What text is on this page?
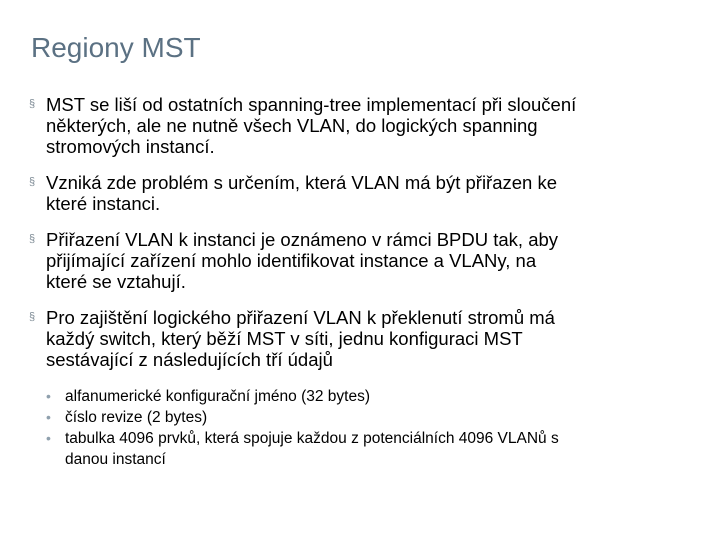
Regiony MST
§ MST se liší od ostatních spanning-tree implementací při sloučení
některých, ale ne nutně všech VLAN, do logických spanning
stromových instancí.
§ Vzniká zde problém s určením, která VLAN má být přiřazen ke
které instanci.
§ Přiřazení VLAN k instanci je oznámeno v rámci BPDU tak, aby
přijímající zařízení mohlo identifikovat instance a VLANy, na
které se vztahují.
§ Pro zajištění logického přiřazení VLAN k překlenutí stromů má
každý switch, který běží MST v síti, jednu konfiguraci MST
sestávající z následujících tří údajů
• alfanumerické konfigurační jméno (32 bytes)
• číslo revize (2 bytes)
• tabulka 4096 prvků, která spojuje každou z potenciálních 4096 VLANů s
danou instancí
